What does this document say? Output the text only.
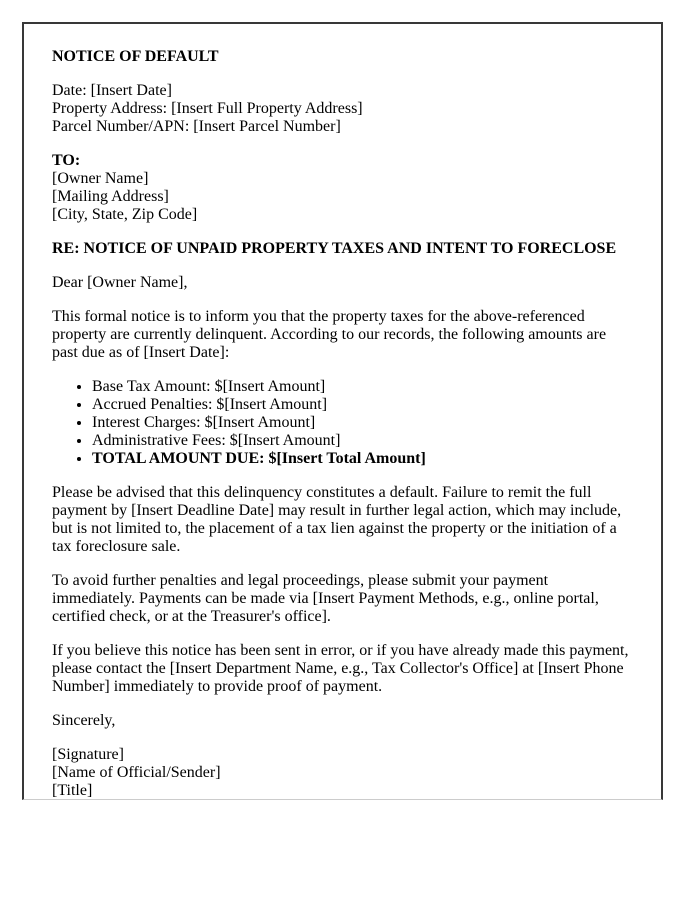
NOTICE OF DEFAULT

Date: [Insert Date]
Property Address: [Insert Full Property Address]
Parcel Number/APN: [Insert Parcel Number]

TO:
[Owner Name]
[Mailing Address]
[City, State, Zip Code]

RE: NOTICE OF UNPAID PROPERTY TAXES AND INTENT TO FORECLOSE

Dear [Owner Name],

This formal notice is to inform you that the property taxes for the above-referenced property are currently delinquent. According to our records, the following amounts are past due as of [Insert Date]:

• Base Tax Amount: $[Insert Amount]
• Accrued Penalties: $[Insert Amount]
• Interest Charges: $[Insert Amount]
• Administrative Fees: $[Insert Amount]
• TOTAL AMOUNT DUE: $[Insert Total Amount]

Please be advised that this delinquency constitutes a default. Failure to remit the full payment by [Insert Deadline Date] may result in further legal action, which may include, but is not limited to, the placement of a tax lien against the property or the initiation of a tax foreclosure sale.

To avoid further penalties and legal proceedings, please submit your payment immediately. Payments can be made via [Insert Payment Methods, e.g., online portal, certified check, or at the Treasurer's office].

If you believe this notice has been sent in error, or if you have already made this payment, please contact the [Insert Department Name, e.g., Tax Collector's Office] at [Insert Phone Number] immediately to provide proof of payment.

Sincerely,

[Signature]
[Name of Official/Sender]
[Title]
